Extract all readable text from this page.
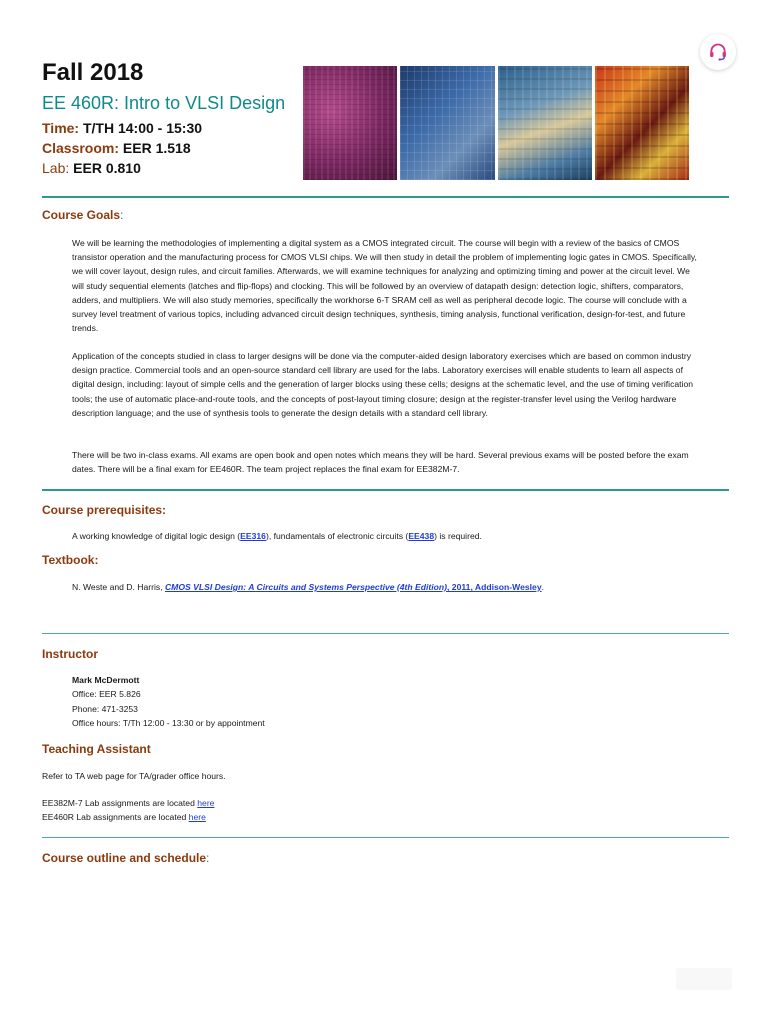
Fall 2018
EE 460R: Intro to VLSI Design
Time: T/TH 14:00 - 15:30
Classroom: EER 1.518
Lab: EER 0.810
Course Goals:

We will be learning the methodologies of implementing a digital system as a CMOS integrated circuit. The course will begin with a review of the basics of CMOS transistor operation and the manufacturing process for CMOS VLSI chips. We will then study in detail the problem of implementing logic gates in CMOS. Specifically, we will cover layout, design rules, and circuit families. Afterwards, we will examine techniques for analyzing and optimizing timing and power at the circuit level. We will study sequential elements (latches and flip-flops) and clocking. This will be followed by an overview of datapath design: detection logic, shifters, comparators, adders, and multipliers. We will also study memories, specifically the workhorse 6-T SRAM cell as well as peripheral decode logic. The course will conclude with a survey level treatment of various topics, including advanced circuit design techniques, synthesis, timing analysis, functional verification, design-for-test, and future trends.

Application of the concepts studied in class to larger designs will be done via the computer-aided design laboratory exercises which are based on common industry design practice. Commercial tools and an open-source standard cell library are used for the labs. Laboratory exercises will enable students to learn all aspects of digital design, including: layout of simple cells and the generation of larger blocks using these cells; designs at the schematic level, and the use of timing verification tools; the use of automatic place-and-route tools, and the concepts of post-layout timing closure; design at the register-transfer level using the Verilog hardware description language; and the use of synthesis tools to generate the design details with a standard cell library.

There will be two in-class exams. All exams are open book and open notes which means they will be hard. Several previous exams will be posted before the exam dates. There will be a final exam for EE460R. The team project replaces the final exam for EE382M-7.

Course prerequisites:
A working knowledge of digital logic design (EE316), fundamentals of electronic circuits (EE438) is required.
Textbook:
N. Weste and D. Harris, CMOS VLSI Design: A Circuits and Systems Perspective (4th Edition), 2011, Addison-Wesley.
Instructor
Mark McDermott
Office: EER 5.826
Phone: 471-3253
Office hours: T/Th 12:00 - 13:30 or by appointment
Teaching Assistant
Refer to TA web page for TA/grader office hours.
EE382M-7 Lab assignments are located here
EE460R Lab assignments are located here
Course outline and schedule:
